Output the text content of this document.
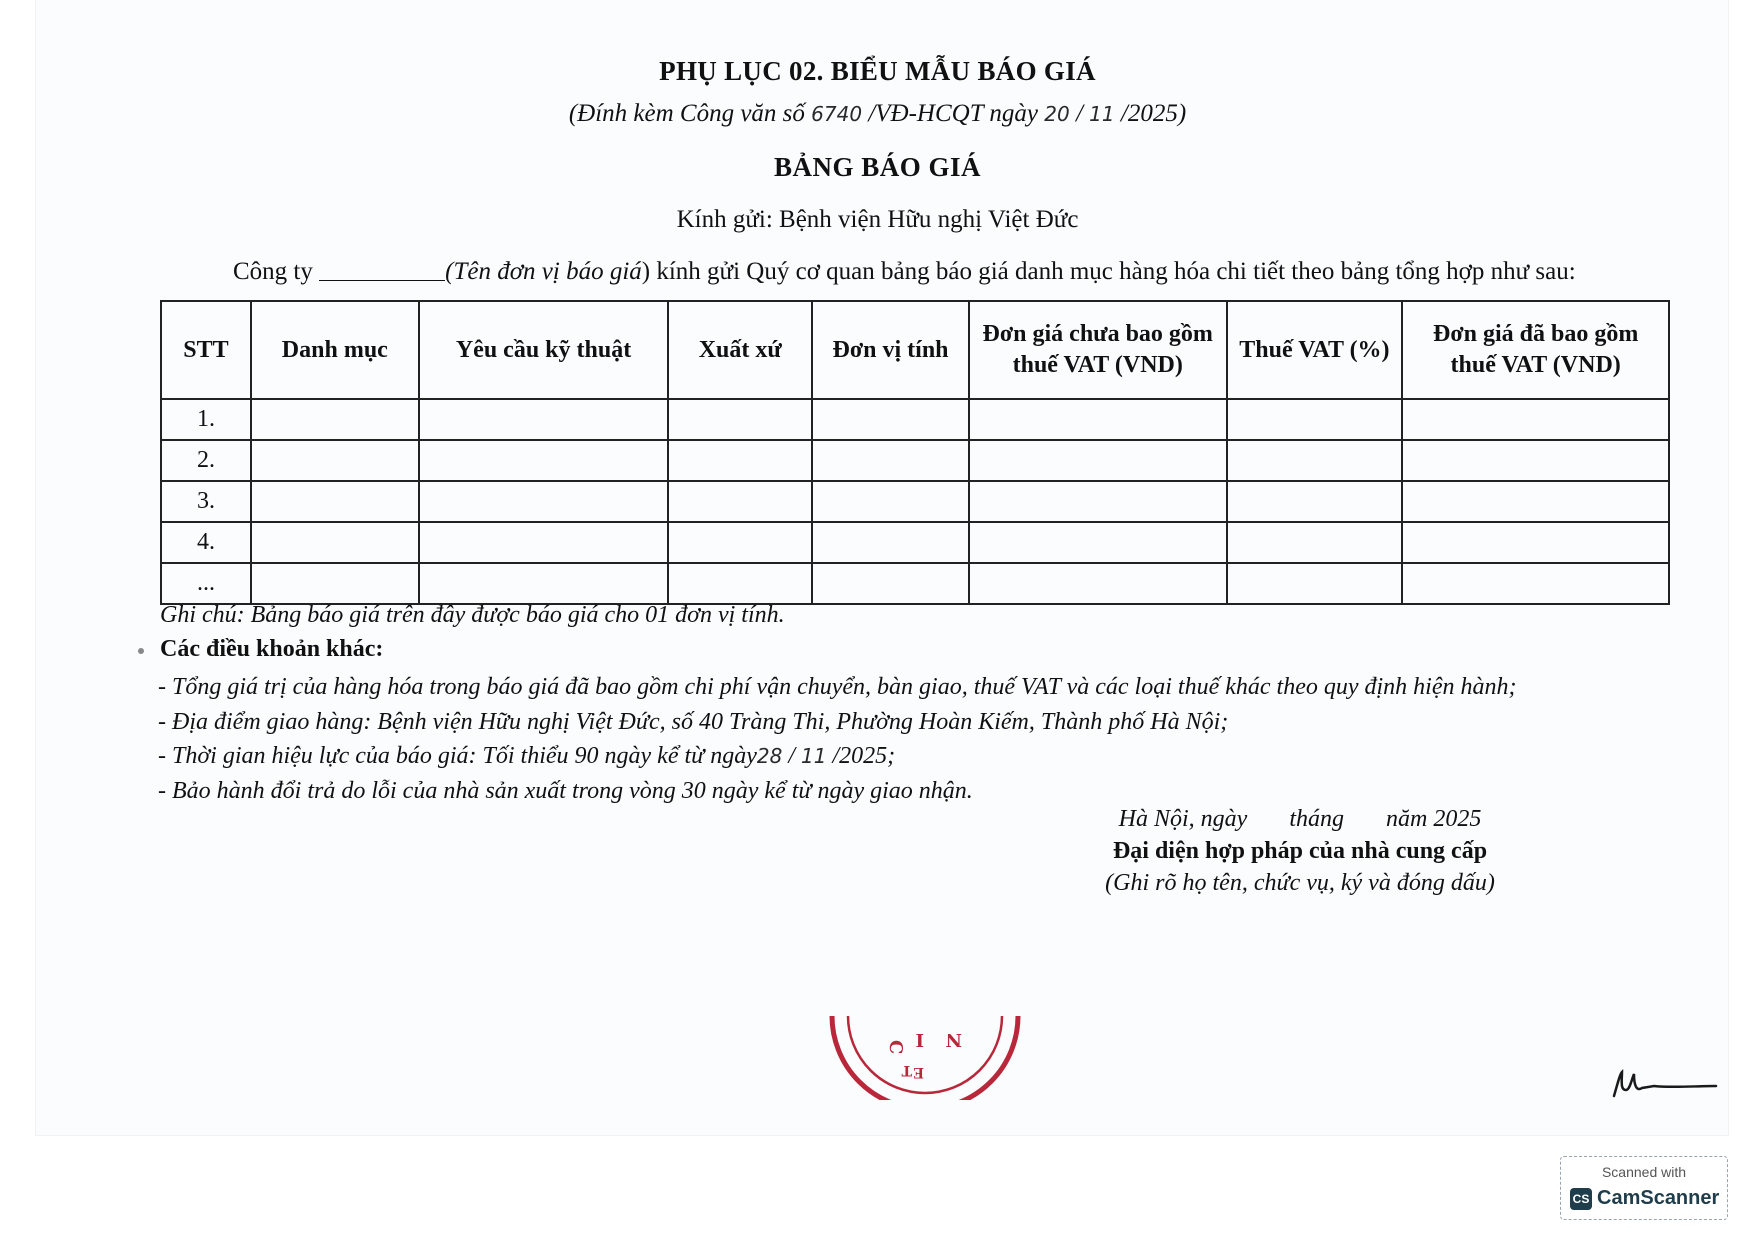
PHỤ LỤC 02. BIỂU MẪU BÁO GIÁ
(Đính kèm Công văn số 6740 /VĐ-HCQT ngày 20 / 11 /2025)
BẢNG BÁO GIÁ
Kính gửi: Bệnh viện Hữu nghị Việt Đức
Công ty	(Tên đơn vị báo giá) kính gửi Quý cơ quan bảng báo giá danh mục hàng hóa chi tiết theo bảng tổng hợp như sau:
STT	Danh mục	Yêu cầu kỹ thuật	Xuất xứ	Đơn vị tính	Đơn giá chưa bao gồm thuế VAT (VND)	Thuế VAT (%)	Đơn giá đã bao gồm thuế VAT (VND)
1.							
2.							
3.							
4.							
...							
Ghi chú: Bảng báo giá trên đây được báo giá cho 01 đơn vị tính.
Các điều khoản khác:
- Tổng giá trị của hàng hóa trong báo giá đã bao gồm chi phí vận chuyển, bàn giao, thuế VAT và các loại thuế khác theo quy định hiện hành;
- Địa điểm giao hàng: Bệnh viện Hữu nghị Việt Đức, số 40 Tràng Thi, Phường Hoàn Kiếm, Thành phố Hà Nội;
- Thời gian hiệu lực của báo giá: Tối thiểu 90 ngày kể từ ngày28 / 11 /2025;
- Bảo hành đổi trả do lỗi của nhà sản xuất trong vòng 30 ngày kể từ ngày giao nhận.
Hà Nội, ngày       tháng       năm 2025
Đại diện hợp pháp của nhà cung cấp
(Ghi rõ họ tên, chức vụ, ký và đóng dấu)
C I N
T E
Scanned with
CS CamScanner
